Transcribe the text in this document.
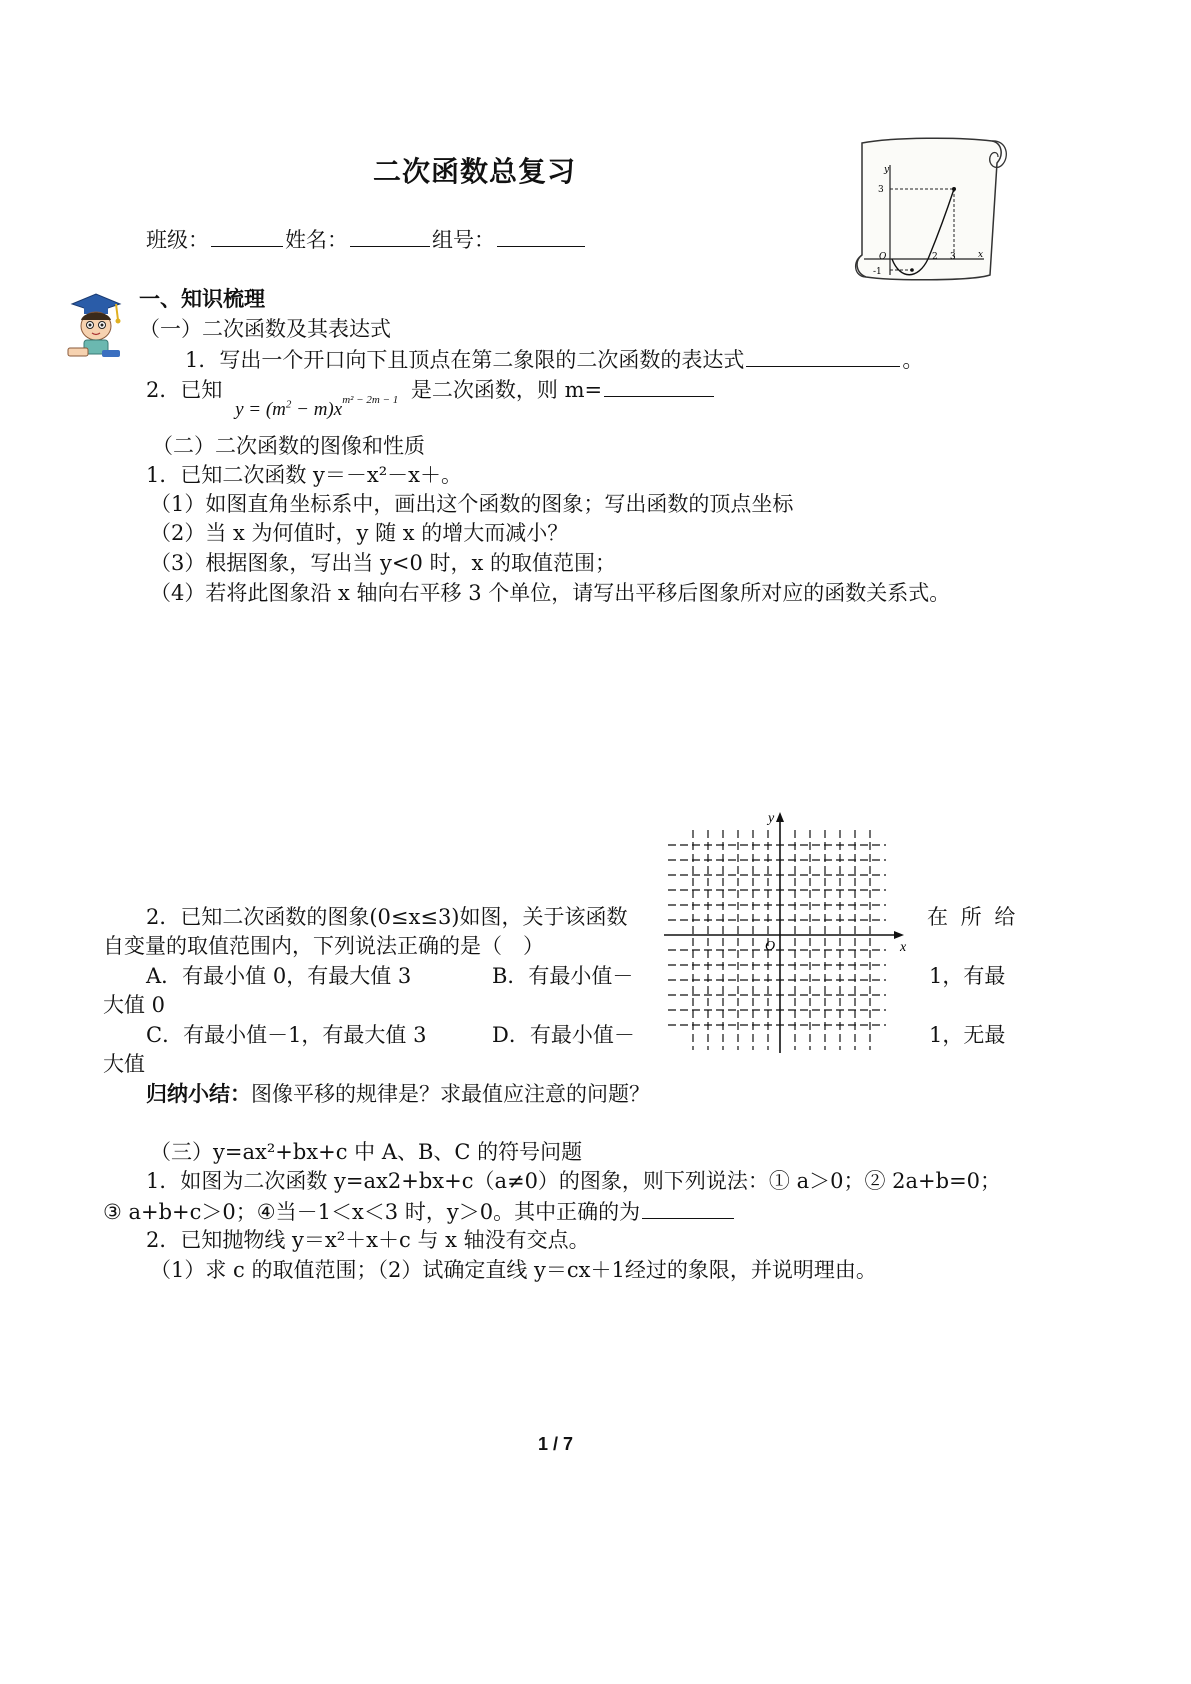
二次函数总复习
3
-1
O	2 3 x
y
班级：	姓名：	组号：
一、知识梳理
（一）二次函数及其表达式
1．写出一个开口向下且顶点在第二象限的二次函数的表达式	。
2．已知 $y = (m^2 - m)x^{m^2 - 2m - 1}$ 是二次函数，则 m=
（二）二次函数的图像和性质
1．已知二次函数 y＝－x²－x＋。
（1）如图直角坐标系中，画出这个函数的图象；写出函数的顶点坐标
（2）当 x 为何值时，y 随 x 的增大而减小？
（3）根据图象，写出当 y<0 时，x 的取值范围；
（4）若将此图象沿 x 轴向右平移 3 个单位，请写出平移后图象所对应的函数关系式。
x
y
O
2．已知二次函数的图象(0≤x≤3)如图，关于该函数	在 所 给
自变量的取值范围内，下列说法正确的是（　）
A．有最小值 0，有最大值 3	B．有最小值－	1，有最
大值 0
C．有最小值－1，有最大值 3	D．有最小值－	1，无最
大值
归纳小结：图像平移的规律是？求最值应注意的问题？
（三）y=ax²+bx+c 中 A、B、C 的符号问题
1．如图为二次函数 y=ax2+bx+c（a≠0）的图象，则下列说法：① a＞0；② 2a+b=0；
③ a+b+c＞0；④当－1＜x＜3 时，y＞0。其中正确的为
2．已知抛物线 y＝x²＋x＋c 与 x 轴没有交点。
（1）求 c 的取值范围；（2）试确定直线 y＝cx＋1经过的象限，并说明理由。
1 / 7
